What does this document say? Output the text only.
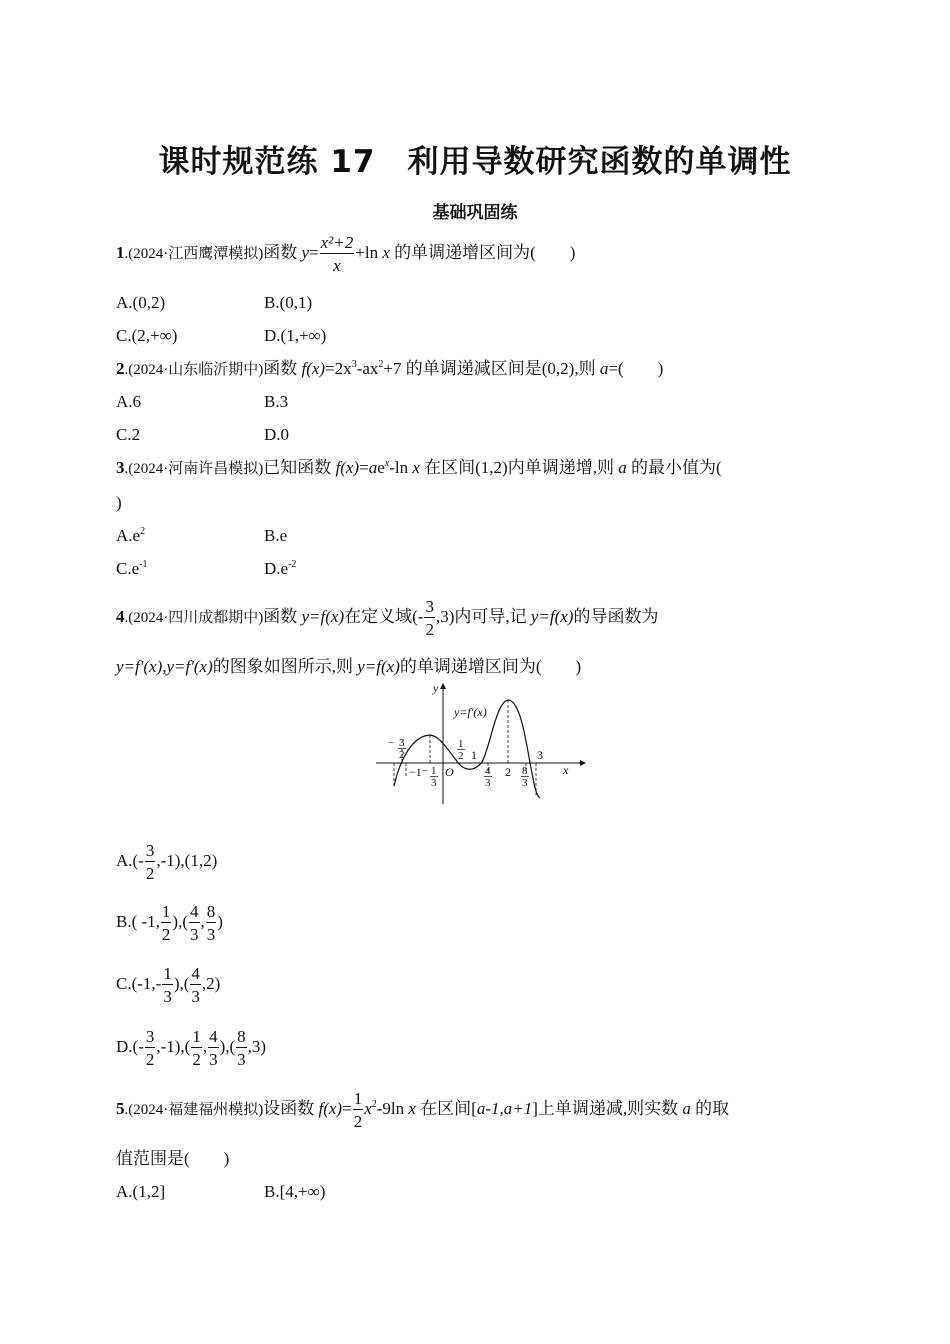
课时规范练 17　利用导数研究函数的单调性
基础巩固练
1.(2024·江西鹰潭模拟)函数 $y= \frac{\text{x²+2}}{x} +\ln$ x 的单调递增区间为(　　)
A.(0,2)	B.(0,1)
C.(2,+∞)	D.(1,+∞)
2.(2024·山东临沂期中)函数 $f(x)=2x^3-ax^2+7$ 的单调递减区间是(0,2),则 a=(　　)
A.6	B.3
C.2	D.0
3.(2024·河南许昌模拟)已知函数 $f(x)=ae^x-\ln$ x 在区间(1,2)内单调递增,则 a 的最小值为(
)
$A.e^2$	B.e
$C.e^{-1}$	$D.e^{-2}$
4.(2024·四川成都期中)函数 y=f(x)在定义域(- $\frac{3}{2} ,3$)内可导,记 y=f(x)的导函数为
y=f'(x),y=f'(x)的图象如图所示,则 y=f(x)的单调递增区间为(　　)
y
x
y=f′(x)
− 3
2
−1 − 1
3
O
1
2 1
4
3
2 8
3
3
$A.(- \frac{3}{2} ,-1),(1,2)$
B.( -1, $\frac{1}{2}$ ),( $\frac{4}{3}$ , $\frac{8}{3}$ )
$C.(-1,- \frac{1}{3}$ ),( $\frac{4}{3} ,2$)
$D.(- \frac{3}{2} ,-1),( \frac{1}{2}$ , $\frac{4}{3}$ ),( $\frac{8}{3} ,3$)
5.(2024·福建福州模拟)设函数 $f(x)= \frac{1}{2} x^2-9\ln$ x 在区间[a-1,a+1]上单调递减,则实数 a 的取
值范围是(　　)
A.(1,2]	B.[4,+∞)
